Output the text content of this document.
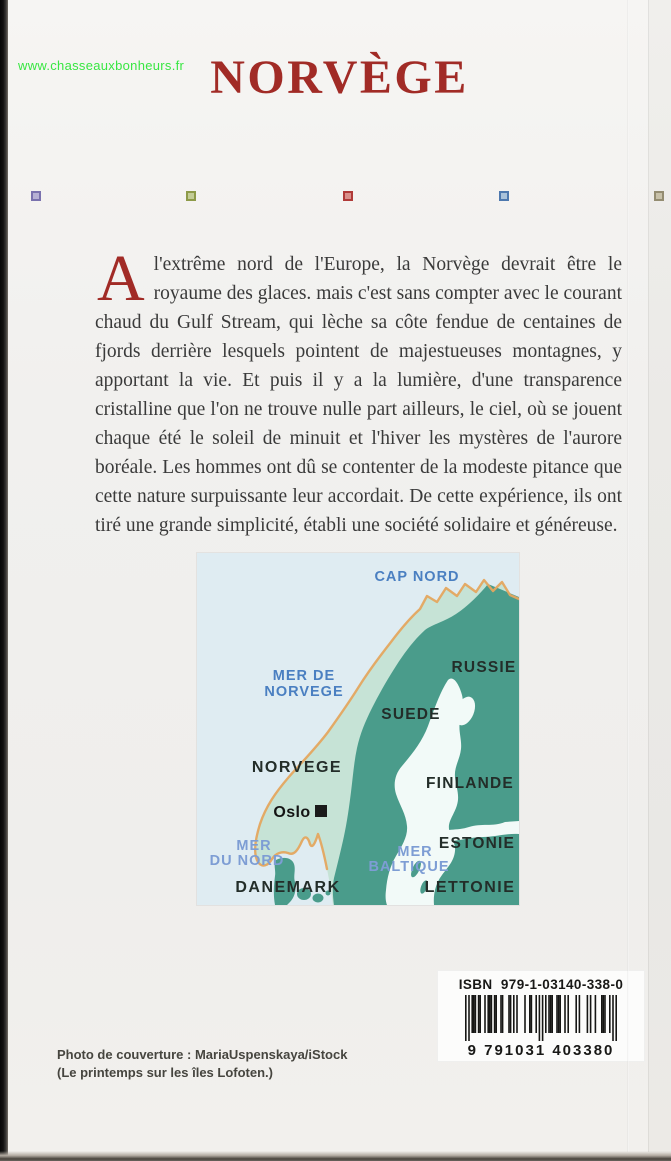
www.chasseauxbonheurs.fr NORVÈGE

Al'extrême nord de l'Europe, la Norvège devrait être le royaume des glaces. mais c'est sans compter avec le courant chaud du Gulf Stream, qui lèche sa côte fendue de centaines de fjords derrière lesquels pointent de majestueuses montagnes, y apportant la vie. Et puis il y a la lumière, d'une transparence cristalline que l'on ne trouve nulle part ailleurs, le ciel, où se jouent chaque été le soleil de minuit et l'hiver les mystères de l'aurore boréale. Les hommes ont dû se contenter de la modeste pitance que cette nature surpuissante leur accordait. De cette expérience, ils ont tiré une grande simplicité, établi une société solidaire et généreuse.

CAP NORD
MER DE
NORVEGE
RUSSIE
SUEDE
NORVEGE
Oslo
FINLANDE
ESTONIE
MER
DU NORD
MER
BALTIQUE
DANEMARK	LETTONIE
ISBN  979-1-03140-338-0
9 791031 403380
Photo de couverture : MariaUspenskaya/iStock
(Le printemps sur les îles Lofoten.)
